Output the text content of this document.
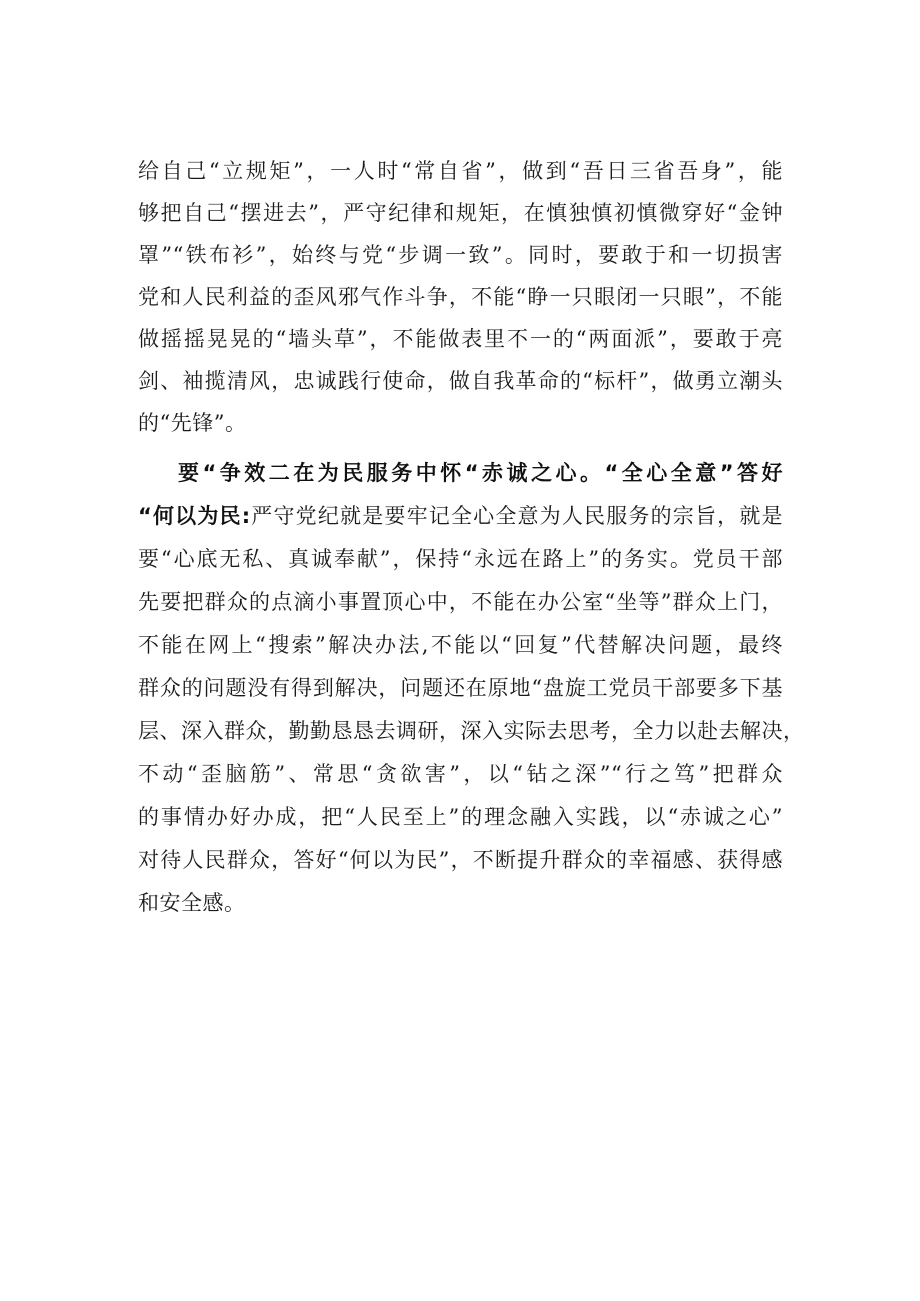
给自己“立规矩”，一人时“常自省”，做到“吾日三省吾身”，能
够把自己“摆进去”，严守纪律和规矩，在慎独慎初慎微穿好“金钟
罩”“铁布衫”，始终与党“步调一致”。同时，要敢于和一切损害
党和人民利益的歪风邪气作斗争，不能“睁一只眼闭一只眼”，不能
做摇摇晃晃的“墙头草”，不能做表里不一的“两面派”，要敢于亮
剑、袖揽清风，忠诚践行使命，做自我革命的“标杆”，做勇立潮头
的“先锋”。
要“争效二在为民服务中怀“赤诚之心。“全心全意”答好
“何以为民:严守党纪就是要牢记全心全意为人民服务的宗旨，就是
要“心底无私、真诚奉献”，保持“永远在路上”的务实。党员干部
先要把群众的点滴小事置顶心中，不能在办公室“坐等”群众上门，
不能在网上“搜索”解决办法,不能以“回复”代替解决问题，最终
群众的问题没有得到解决，问题还在原地“盘旋工党员干部要多下基
层、深入群众，勤勤恳恳去调研，深入实际去思考，全力以赴去解决，
不动“歪脑筋”、常思“贪欲害”，以“钻之深”“行之笃”把群众
的事情办好办成，把“人民至上”的理念融入实践，以“赤诚之心”
对待人民群众，答好“何以为民”，不断提升群众的幸福感、获得感
和安全感。
